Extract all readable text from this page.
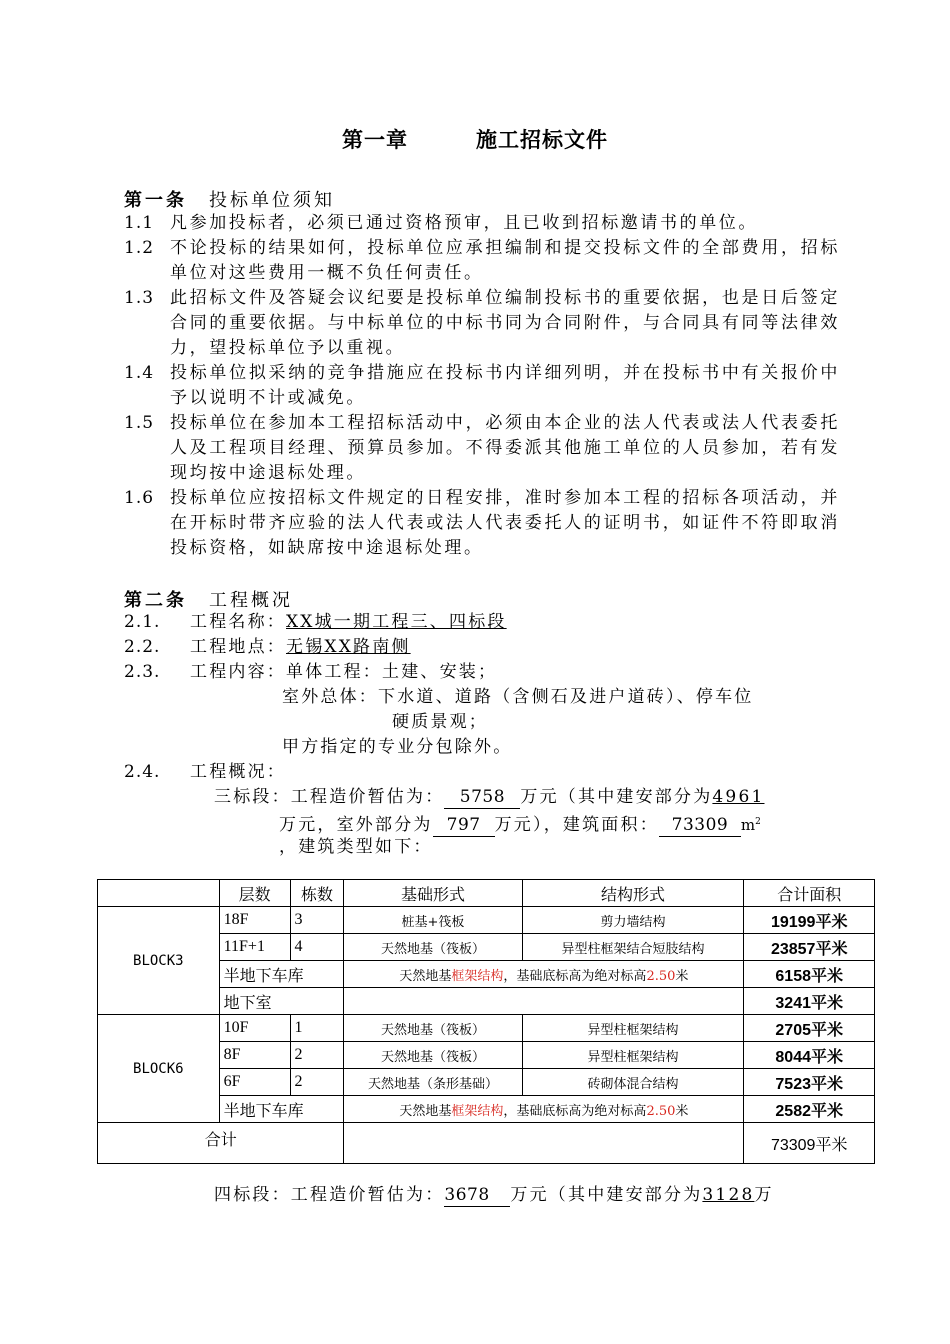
第一章	施工招标文件
第一条 投标单位须知
1.1 凡参加投标者，必须已通过资格预审，且已收到招标邀请书的单位。
1.2 不论投标的结果如何，投标单位应承担编制和提交投标文件的全部费用，招标单位对这些费用一概不负任何责任。
1.3 此招标文件及答疑会议纪要是投标单位编制投标书的重要依据，也是日后签定合同的重要依据。与中标单位的中标书同为合同附件，与合同具有同等法律效力，望投标单位予以重视。
1.4 投标单位拟采纳的竞争措施应在投标书内详细列明，并在投标书中有关报价中予以说明不计或减免。
1.5 投标单位在参加本工程招标活动中，必须由本企业的法人代表或法人代表委托人及工程项目经理、预算员参加。不得委派其他施工单位的人员参加，若有发现均按中途退标处理。
1.6 投标单位应按招标文件规定的日程安排，准时参加本工程的招标各项活动，并在开标时带齐应验的法人代表或法人代表委托人的证明书，如证件不符即取消投标资格，如缺席按中途退标处理。
第二条 工程概况
2.1. 工程名称：XX城一期工程三、四标段
2.2. 工程地点：无锡XX路南侧
2.3. 工程内容：单体工程：土建、安装；
室外总体：下水道、道路（含侧石及进户道砖）、停车位
硬质景观；
甲方指定的专业分包除外。
2.4. 工程概况：
三标段：工程造价暂估为： 5758 万元（其中建安部分为4961
万元，室外部分为 797 万元），建筑面积： 73309 $m^2$
，建筑类型如下：
	层数	栋数	基础形式	结构形式	合计面积
BLOCK3	18F	3	桩基+筏板	剪力墙结构	19199平米
	11F+1	4	天然地基（筏板）	异型柱框架结合短肢结构	23857平米
	半地下车库		天然地基框架结构，基础底标高为绝对标高2.50米		6158平米
	地下室				3241平米
BLOCK6	10F	1	天然地基（筏板）	异型柱框架结构	2705平米
	8F	2	天然地基（筏板）	异型柱框架结构	8044平米
	6F	2	天然地基（条形基础）	砖砌体混合结构	7523平米
	半地下车库		天然地基框架结构，基础底标高为绝对标高2.50米		2582平米
合计					73309平米
四标段：工程造价暂估为：3678 万元（其中建安部分为3128万
